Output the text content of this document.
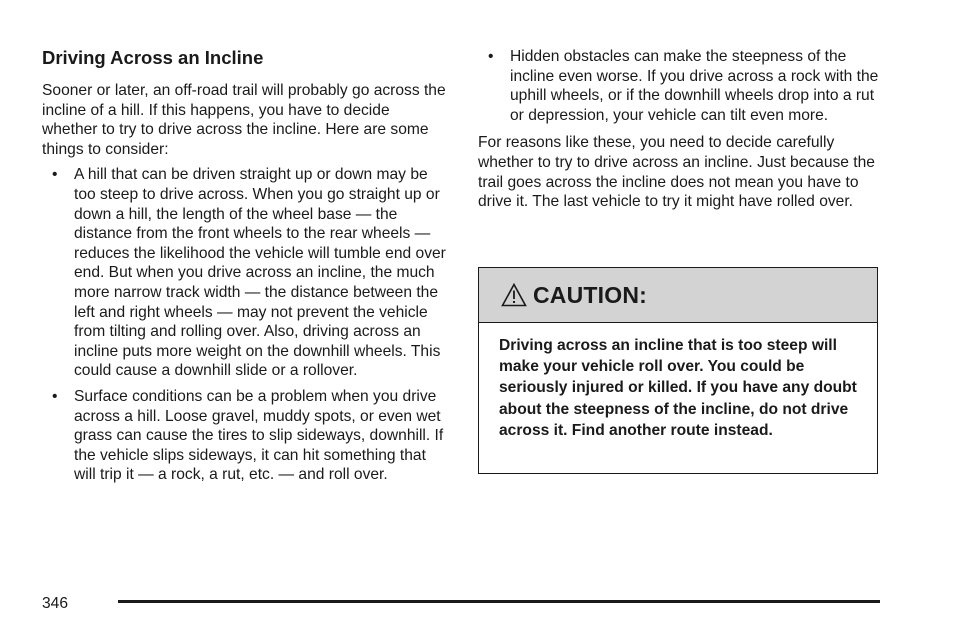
Driving Across an Incline

Sooner or later, an off-road trail will probably go across the incline of a hill. If this happens, you have to decide whether to try to drive across the incline. Here are some things to consider:

• A hill that can be driven straight up or down may be too steep to drive across. When you go straight up or down a hill, the length of the wheel base — the distance from the front wheels to the rear wheels — reduces the likelihood the vehicle will tumble end over end. But when you drive across an incline, the much more narrow track width — the distance between the left and right wheels — may not prevent the vehicle from tilting and rolling over. Also, driving across an incline puts more weight on the downhill wheels. This could cause a downhill slide or a rollover.
• Surface conditions can be a problem when you drive across a hill. Loose gravel, muddy spots, or even wet grass can cause the tires to slip sideways, downhill. If the vehicle slips sideways, it can hit something that will trip it — a rock, a rut, etc. — and roll over.
• Hidden obstacles can make the steepness of the incline even worse. If you drive across a rock with the uphill wheels, or if the downhill wheels drop into a rut or depression, your vehicle can tilt even more.

For reasons like these, you need to decide carefully whether to try to drive across an incline. Just because the trail goes across the incline does not mean you have to drive it. The last vehicle to try it might have rolled over.

CAUTION:
Driving across an incline that is too steep will make your vehicle roll over. You could be seriously injured or killed. If you have any doubt about the steepness of the incline, do not drive across it. Find another route instead.
346
